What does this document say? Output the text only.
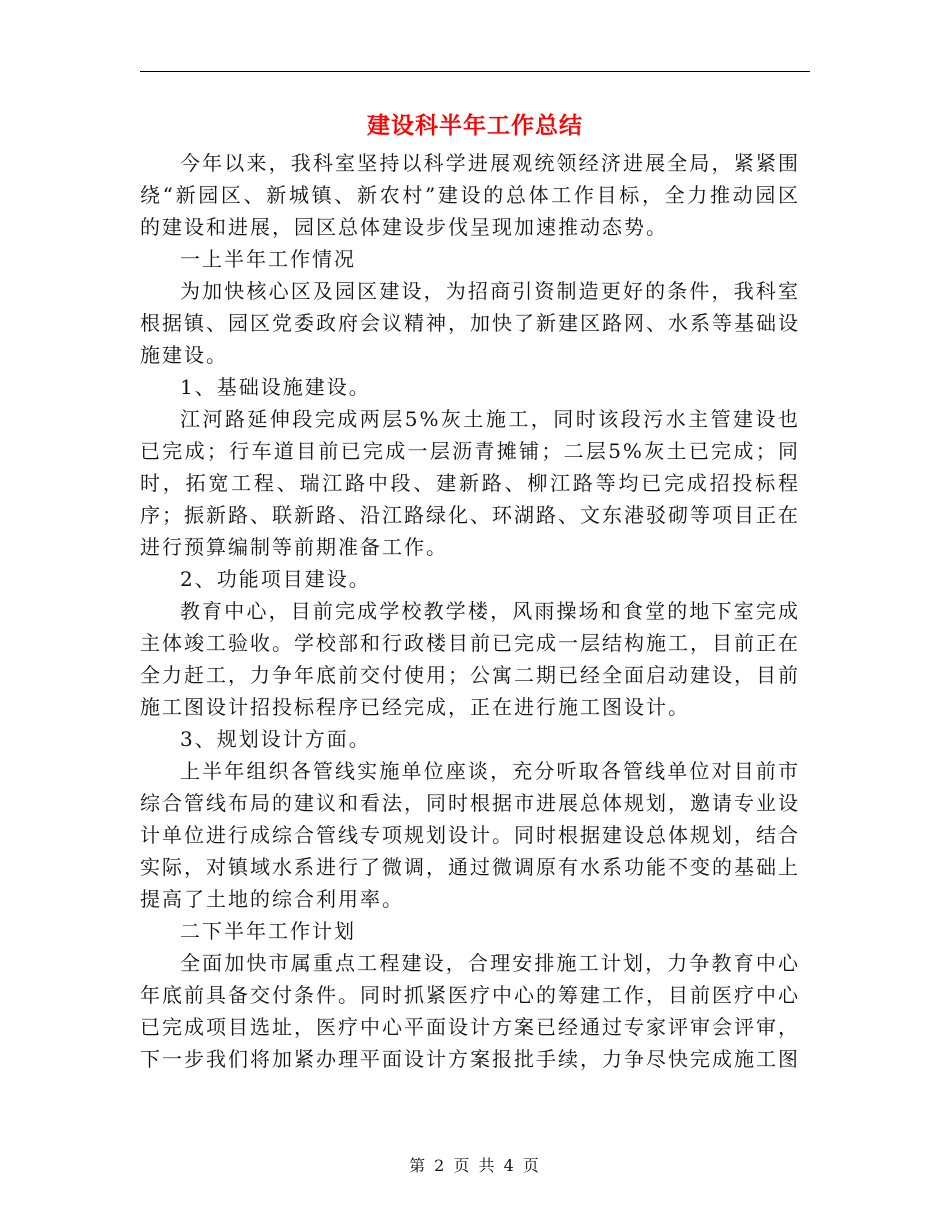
建设科半年工作总结

今年以来，我科室坚持以科学进展观统领经济进展全局，紧紧围绕“新园区、新城镇、新农村”建设的总体工作目标，全力推动园区的建设和进展，园区总体建设步伐呈现加速推动态势。

一上半年工作情况

为加快核心区及园区建设，为招商引资制造更好的条件，我科室根据镇、园区党委政府会议精神，加快了新建区路网、水系等基础设施建设。

1、基础设施建设。

江河路延伸段完成两层5%灰土施工，同时该段污水主管建设也已完成；行车道目前已完成一层沥青摊铺；二层5%灰土已完成；同时，拓宽工程、瑞江路中段、建新路、柳江路等均已完成招投标程序；振新路、联新路、沿江路绿化、环湖路、文东港驳砌等项目正在进行预算编制等前期准备工作。

2、功能项目建设。

教育中心，目前完成学校教学楼，风雨操场和食堂的地下室完成主体竣工验收。学校部和行政楼目前已完成一层结构施工，目前正在全力赶工，力争年底前交付使用；公寓二期已经全面启动建设，目前施工图设计招投标程序已经完成，正在进行施工图设计。

3、规划设计方面。

上半年组织各管线实施单位座谈，充分听取各管线单位对目前市综合管线布局的建议和看法，同时根据市进展总体规划，邀请专业设计单位进行成综合管线专项规划设计。同时根据建设总体规划，结合实际，对镇域水系进行了微调，通过微调原有水系功能不变的基础上提高了土地的综合利用率。

二下半年工作计划

全面加快市属重点工程建设，合理安排施工计划，力争教育中心年底前具备交付条件。同时抓紧医疗中心的筹建工作，目前医疗中心已完成项目选址，医疗中心平面设计方案已经通过专家评审会评审，下一步我们将加紧办理平面设计方案报批手续，力争尽快完成施工图

第 2 页 共 4 页
